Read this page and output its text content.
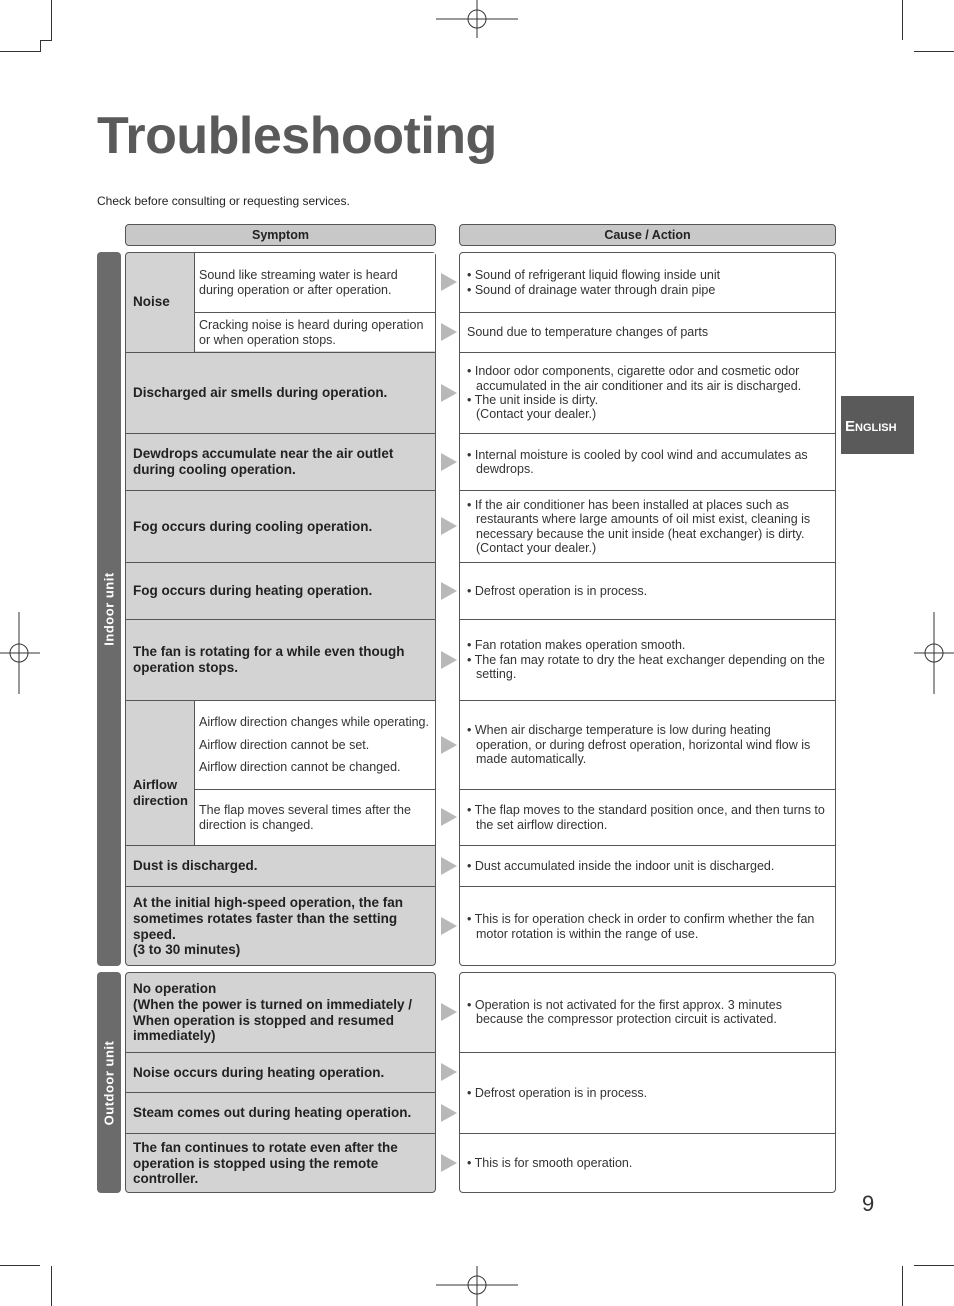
Troubleshooting
Check before consulting or requesting services.
English
Symptom	Cause / Action
Indoor unit
Outdoor unit
Noise
Sound like streaming water is heard during operation or after operation.
Cracking noise is heard during operation or when operation stops.
Discharged air smells during operation.
Dewdrops accumulate near the air outlet during cooling operation.
Fog occurs during cooling operation.
Fog occurs during heating operation.
The fan is rotating for a while even though operation stops.
Airflow
direction
Airflow direction changes while operating.
Airflow direction cannot be set.
Airflow direction cannot be changed.
The flap moves several times after the direction is changed.
Dust is discharged.
At the initial high-speed operation, the fan sometimes rotates faster than the setting speed.
(3 to 30 minutes)
• Sound of refrigerant liquid flowing inside unit
• Sound of drainage water through drain pipe
Sound due to temperature changes of parts
• Indoor odor components, cigarette odor and cosmetic odor accumulated in the air conditioner and its air is discharged.
• The unit inside is dirty.
(Contact your dealer.)
• Internal moisture is cooled by cool wind and accumulates as dewdrops.
• If the air conditioner has been installed at places such as restaurants where large amounts of oil mist exist, cleaning is necessary because the unit inside (heat exchanger) is dirty.
(Contact your dealer.)
• Defrost operation is in process.
• Fan rotation makes operation smooth.
• The fan may rotate to dry the heat exchanger depending on the setting.
• When air discharge temperature is low during heating operation, or during defrost operation, horizontal wind flow is made automatically.
• The flap moves to the standard position once, and then turns to the set airflow direction.
• Dust accumulated inside the indoor unit is discharged.
• This is for operation check in order to confirm whether the fan motor rotation is within the range of use.
No operation
(When the power is turned on immediately / When operation is stopped and resumed immediately)
Noise occurs during heating operation.
Steam comes out during heating operation.
The fan continues to rotate even after the operation is stopped using the remote controller.
• Operation is not activated for the first approx. 3 minutes because the compressor protection circuit is activated.
• Defrost operation is in process.
• This is for smooth operation.
9
